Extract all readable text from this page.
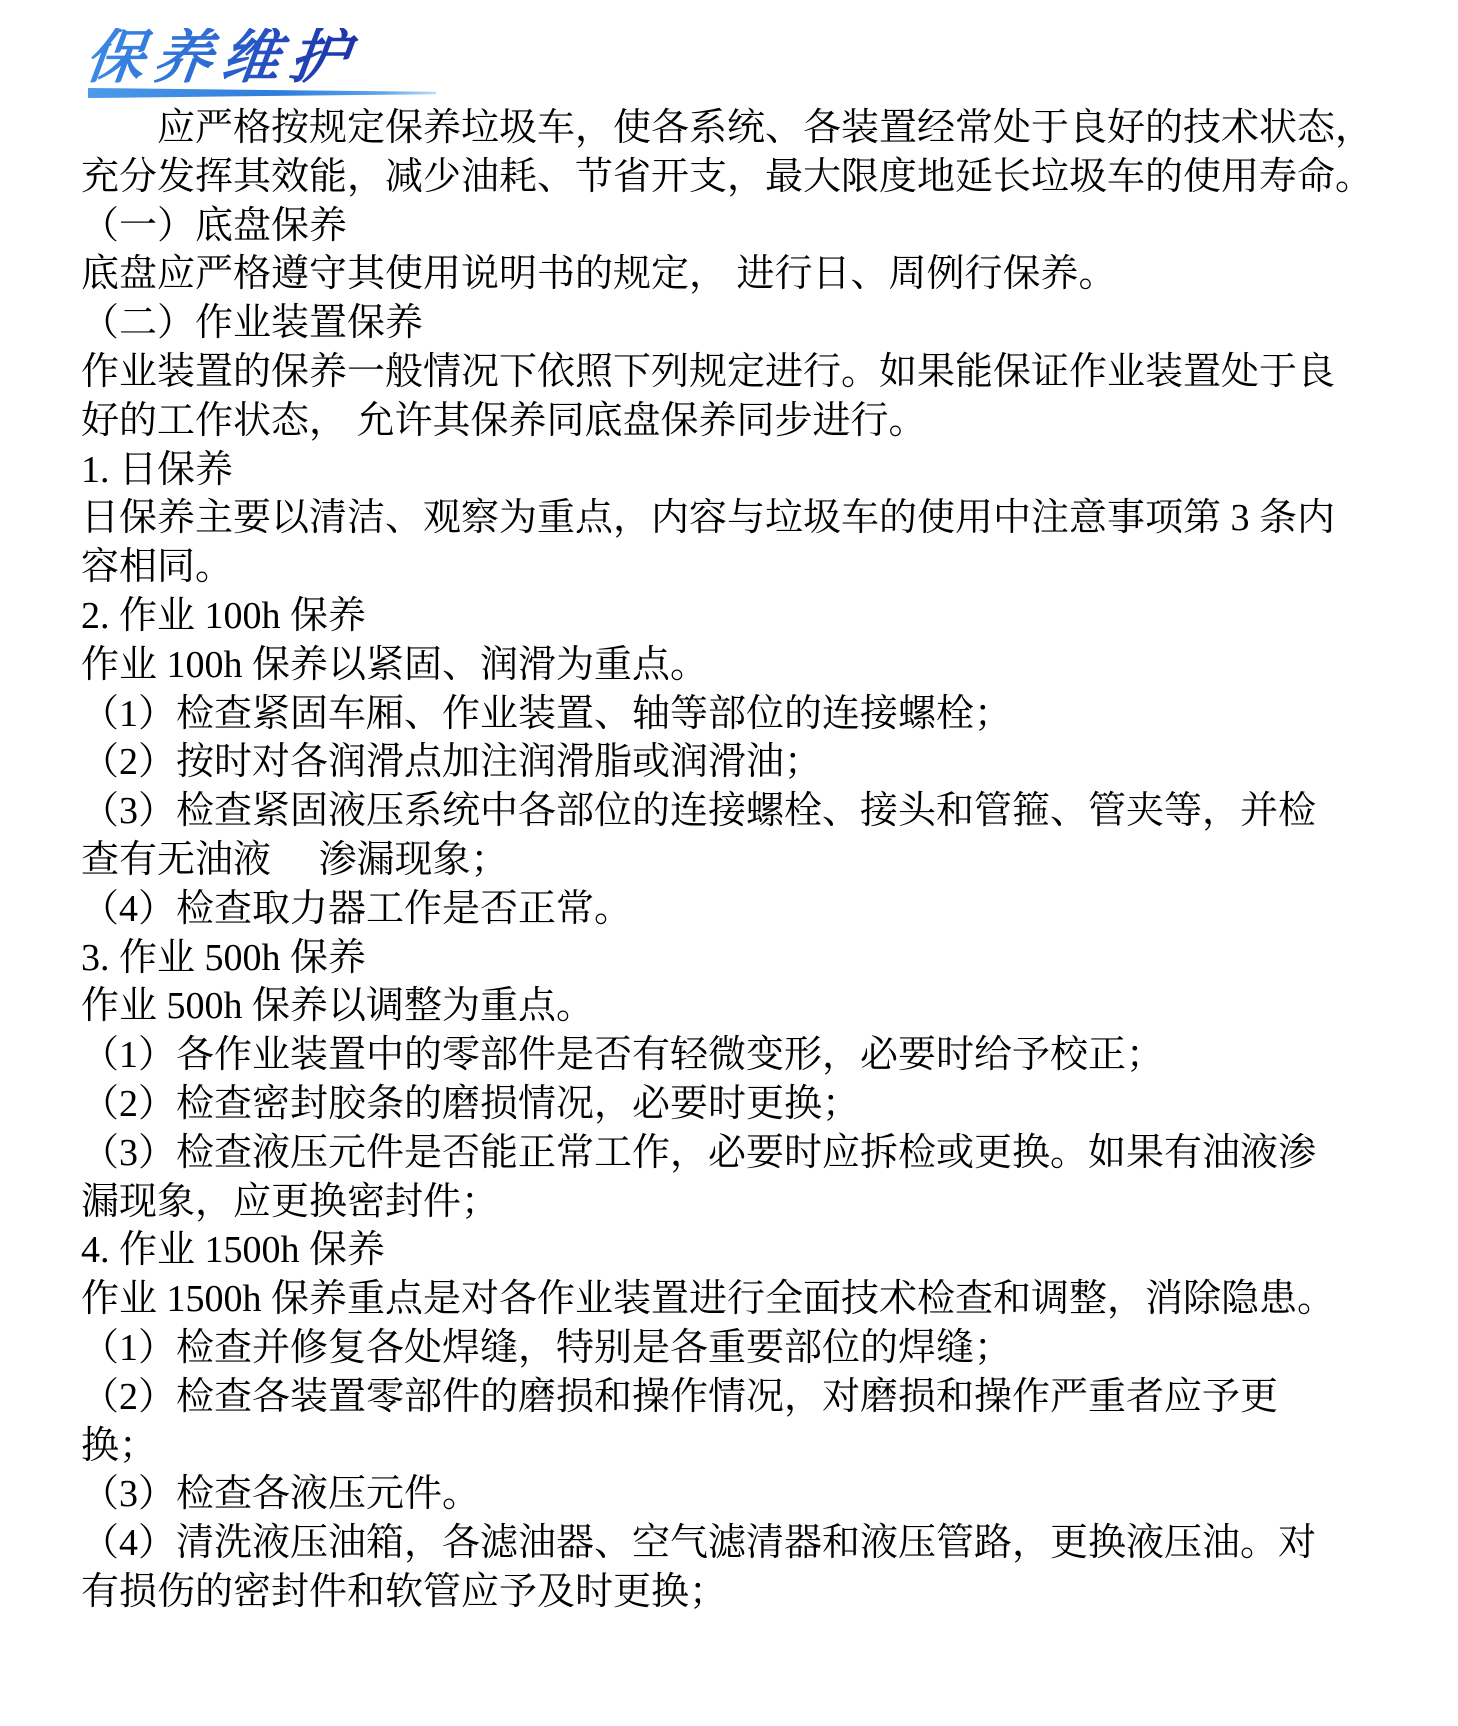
保养维护
　　应严格按规定保养垃圾车，使各系统、各装置经常处于良好的技术状态，
充分发挥其效能，减少油耗、节省开支，最大限度地延长垃圾车的使用寿命。
（一）底盘保养
底盘应严格遵守其使用说明书的规定， 进行日、周例行保养。
（二）作业装置保养
作业装置的保养一般情况下依照下列规定进行。如果能保证作业装置处于良
好的工作状态， 允许其保养同底盘保养同步进行。
1. 日保养
日保养主要以清洁、观察为重点，内容与垃圾车的使用中注意事项第 3 条内
容相同。
2. 作业 100h 保养
作业 100h 保养以紧固、润滑为重点。
（1）检查紧固车厢、作业装置、轴等部位的连接螺栓；
（2）按时对各润滑点加注润滑脂或润滑油；
（3）检查紧固液压系统中各部位的连接螺栓、接头和管箍、管夹等，并检
查有无油液　 渗漏现象；
（4）检查取力器工作是否正常。
3. 作业 500h 保养
作业 500h 保养以调整为重点。
（1）各作业装置中的零部件是否有轻微变形，必要时给予校正；
（2）检查密封胶条的磨损情况，必要时更换；
（3）检查液压元件是否能正常工作，必要时应拆检或更换。如果有油液渗
漏现象，应更换密封件；
4. 作业 1500h 保养
作业 1500h 保养重点是对各作业装置进行全面技术检查和调整，消除隐患。
（1）检查并修复各处焊缝，特别是各重要部位的焊缝；
（2）检查各装置零部件的磨损和操作情况，对磨损和操作严重者应予更
换；
（3）检查各液压元件。
（4）清洗液压油箱，各滤油器、空气滤清器和液压管路，更换液压油。对
有损伤的密封件和软管应予及时更换；
